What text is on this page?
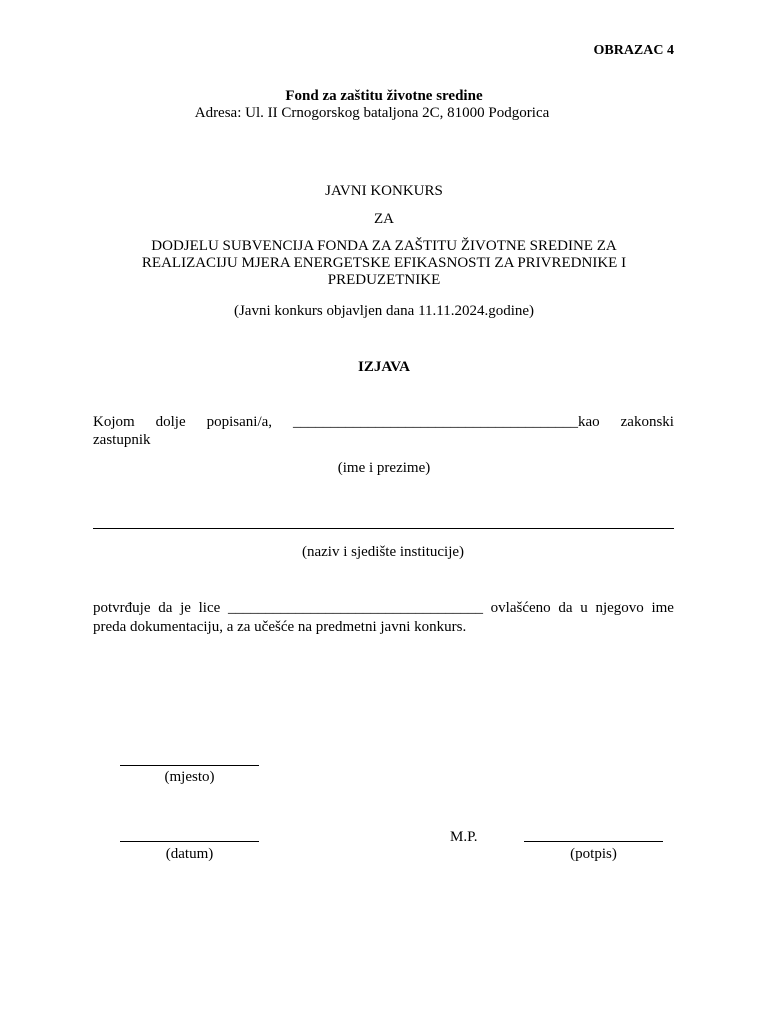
OBRAZAC 4
Fond za zaštitu životne sredine
Adresa: Ul. II Crnogorskog bataljona 2C, 81000 Podgorica
JAVNI KONKURS
ZA
DODJELU SUBVENCIJA FONDA ZA ZAŠTITU ŽIVOTNE SREDINE ZA REALIZACIJU MJERA ENERGETSKE EFIKASNOSTI ZA PRIVREDNIKE I PREDUZETNIKE
(Javni konkurs objavljen dana 11.11.2024.godine)
IZJAVA
Kojom dolje popisani/a, ______________________________________kao zakonski
zastupnik
(ime i prezime)
(naziv i sjedište institucije)
potvrđuje da je lice __________________________________ ovlašćeno da u njegovo ime
preda dokumentaciju, a za učešće na predmetni javni konkurs.
(mjesto)
(datum)
M.P.
(potpis)
